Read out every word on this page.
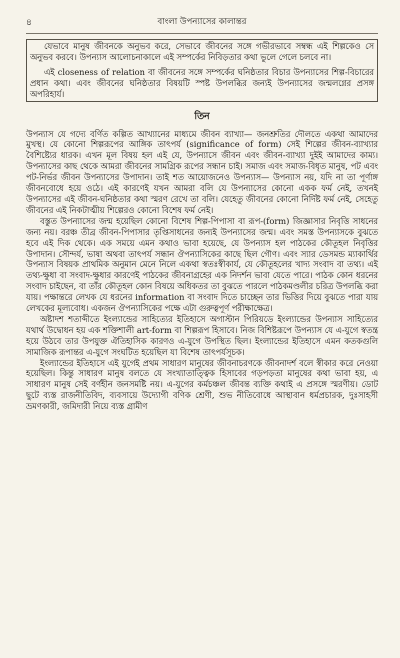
৪	বাংলা উপন্যাসের কালান্তর

যেভাবে মানুষ জীবনকে অনুভব করে, সেভাবে জীবনের সঙ্গে গভীরভাবে সম্বন্ধ এই শিল্পকেও সে অনুভব করবে। উপন্যাস আলোচনাকালে এই সম্পর্কের নিবিড়তার কথা ভুলে গেলে চলবে না।

এই closeness of relation বা জীবনের সঙ্গে সম্পর্কের ঘনিষ্ঠতার বিচার উপন্যাসের শিল্প-বিচারের প্রধান কথা। এবং জীবনের ঘনিষ্ঠতার বিষয়টি স্পষ্ট উপলব্ধির জন্যই উপন্যাসের জন্মলগ্নের প্রসঙ্গ অপরিহার্য।

তিন

উপন্যাস যে গদ্যে বর্ণিত কল্পিত আখ্যানের মাধ্যমে জীবন ব্যাখ্যা— জনশ্রুতির দৌলতে একথা আমাদের মুখস্থ। যে কোনো শিল্পরূপের আঙ্গিক তাৎপর্য (significance of form) সেই শিল্পের জীবন-ব্যাখ্যার বৈশিষ্ট্যের ধারক। এখন মূল বিষয় হল এই যে, উপন্যাসে জীবন এবং জীবন-ব্যাখ্যা দুইই আমাদের কাম্য। উপন্যাসের কাছ থেকে আমরা জীবনের সামগ্রিক রূপের সন্ধান চাই। সমাজ এবং সমাজ-বিধৃত মানুষ, পট এবং পট-নির্ভর জীবন উপন্যাসের উপাদান। তাই শত আয়োজনেও উপন্যাস— উপন্যাস নয়, যদি না তা পূর্ণাঙ্গ জীবনবোধে হয়ে ওঠে। এই কারণেই যখন আমরা বলি যে উপন্যাসের কোনো একক ফর্ম নেই, তখনই উপন্যাসের এই জীবন-ঘনিষ্ঠতার কথা স্মরণ রেখে তা বলি। যেহেতু জীবনের কোনো নির্দিষ্ট ফর্ম নেই, সেহেতু জীবনের এই নিকটাত্মীয় শিল্পেরও কোনো বিশেষ ফর্ম নেই।

বস্তুত উপন্যাসের জন্ম হয়েছিল কোনো বিশেষ শিল্প-পিপাসা বা রূপ-(form) জিজ্ঞাসার নিবৃত্তি সাধনের জন্য নয়। বরঞ্চ তীব্র জীবন-পিপাসার তৃপ্তিসাধনের জন্যই উপন্যাসের জন্ম। এবং সমস্ত উপন্যাসকে বুঝতে হবে এই দিক থেকে। এক সময়ে এমন কথাও ভাবা হয়েছে, যে উপন্যাস হল পাঠকের কৌতূহল নিবৃত্তির উপাদান। সৌন্দর্য, ভাষা অথবা তাৎপর্য সন্ধান ঔপন্যাসিকের কাছে ছিল গৌণ। এবং স্যার ডেসমন্ড ম্যাকার্থির উপন্যাস বিষয়ক প্রাথমিক অনুমান মেনে নিলে একথা স্বতঃস্বীকার্য, যে কৌতূহলের খাদ্য সংবাদ বা তথ্য। এই তথ্য-ক্ষুধা বা সংবাদ-ক্ষুধার কারণেই পাঠকের জীবনাগ্রহের এক নিদর্শন ভাবা যেতে পারে। পাঠক কোন ধরনের সংবাদ চাইছেন, বা তাঁর কৌতূহল কোন বিষয়ে অধিকতর তা বুঝতে পারলে পাঠকমণ্ডলীর চরিত্র উপলব্ধি করা যায়। পক্ষান্তরে লেখক যে ধরনের information বা সংবাদ দিতে চাচ্ছেন তার ভিত্তির দিয়ে বুঝতে পারা যায় লেখকের মূল্যবোধ। একজন ঔপন্যাসিকের পক্ষে এটা গুরুত্বপূর্ণ পরীক্ষাক্ষেত্র।

অষ্টাদশ শতাব্দীতে ইংল্যান্ডের সাহিত্যের ইতিহাসে অগাস্টান পিরিয়ডে ইংল্যান্ডের উপন্যাস সাহিত্যের যথার্থ উদ্বোধন হয় এক শক্তিশালী art-form বা শিল্পরূপ হিসাবে। নিজ বিশিষ্টরূপে উপন্যাস যে এ-যুগে স্বতন্ত্র হয়ে উঠবে তার উপযুক্ত ঐতিহাসিক কারণও এ-যুগে উপস্থিত ছিল। ইংল্যান্ডের ইতিহাসে এমন কতকগুলি সামাজিক রূপান্তর এ-যুগে সংঘটিত হয়েছিল যা বিশেষ তাৎপর্যসূচক।

ইংল্যান্ডের ইতিহাসে এই যুগেই প্রথম সাধারণ মানুষের জীবনাচরণকে জীবনাদর্শ বলে স্বীকার করে নেওয়া হয়েছিল। কিন্তু সাধারণ মানুষ বলতে যে সংখ্যাতাত্ত্বিক হিসাবের গড়পড়তা মানুষের কথা ভাবা হয়, এ সাধারণ মানুষ সেই বর্ণহীন জনসমষ্টি নয়। এ-যুগের কর্মচঞ্চল জীবন্ত ব্যক্তি কথাই এ প্রসঙ্গে স্মরণীয়। ডোট ছুটে ব্যস্ত রাজনীতিবিদ, ব্যবসায়ে উদ্যোগী বণিক শ্রেণী, শুভ নীতিবোধে আস্থাবান ধর্মপ্রচারক, দুঃসাহসী ভ্রমণকারী, জমিদারী নিয়ে ব্যস্ত গ্রামীণ
